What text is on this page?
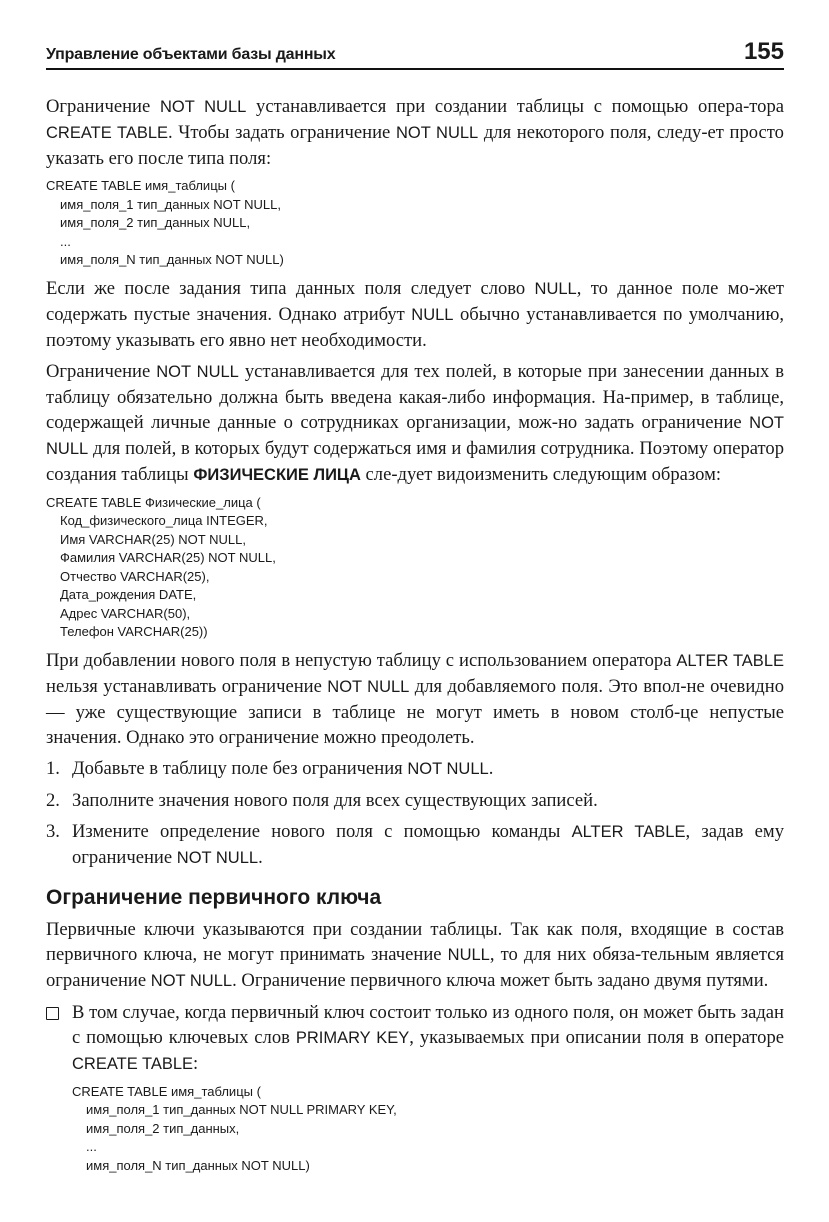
Управление объектами базы данных	155

Ограничение NOT NULL устанавливается при создании таблицы с помощью опера-тора CREATE TABLE. Чтобы задать ограничение NOT NULL для некоторого поля, следу-ет просто указать его после типа поля:

CREATE TABLE имя_таблицы (

имя_поля_1 тип_данных NOT NULL,
имя_поля_2 тип_данных NULL,
...
имя_поля_N тип_данных NOT NULL)

Если же после задания типа данных поля следует слово NULL, то данное поле мо-жет содержать пустые значения. Однако атрибут NULL обычно устанавливается по умолчанию, поэтому указывать его явно нет необходимости.

Ограничение NOT NULL устанавливается для тех полей, в которые при занесении данных в таблицу обязательно должна быть введена какая-либо информация. На-пример, в таблице, содержащей личные данные о сотрудниках организации, мож-но задать ограничение NOT NULL для полей, в которых будут содержаться имя и фамилия сотрудника. Поэтому оператор создания таблицы ФИЗИЧЕСКИЕ ЛИЦА сле-дует видоизменить следующим образом:

CREATE TABLE Физические_лица (

Код_физического_лица INTEGER,
Имя VARCHAR(25) NOT NULL,
Фамилия VARCHAR(25) NOT NULL,
Отчество VARCHAR(25),
Дата_рождения DATE,
Адрес VARCHAR(50),
Телефон VARCHAR(25))

При добавлении нового поля в непустую таблицу с использованием оператора ALTER TABLE нельзя устанавливать ограничение NOT NULL для добавляемого поля. Это впол-не очевидно — уже существующие записи в таблице не могут иметь в новом столб-це непустые значения. Однако это ограничение можно преодолеть.

1. Добавьте в таблицу поле без ограничения NOT NULL.
2. Заполните значения нового поля для всех существующих записей.
3. Измените определение нового поля с помощью команды ALTER TABLE, задав ему ограничение NOT NULL.
Ограничение первичного ключа

Первичные ключи указываются при создании таблицы. Так как поля, входящие в состав первичного ключа, не могут принимать значение NULL, то для них обяза-тельным является ограничение NOT NULL. Ограничение первичного ключа может быть задано двумя путями.

В том случае, когда первичный ключ состоит только из одного поля, он может быть задан с помощью ключевых слов PRIMARY KEY, указываемых при описании поля в операторе CREATE TABLE:

CREATE TABLE имя_таблицы (

имя_поля_1 тип_данных NOT NULL PRIMARY KEY,
имя_поля_2 тип_данных,
...
имя_поля_N тип_данных NOT NULL)
